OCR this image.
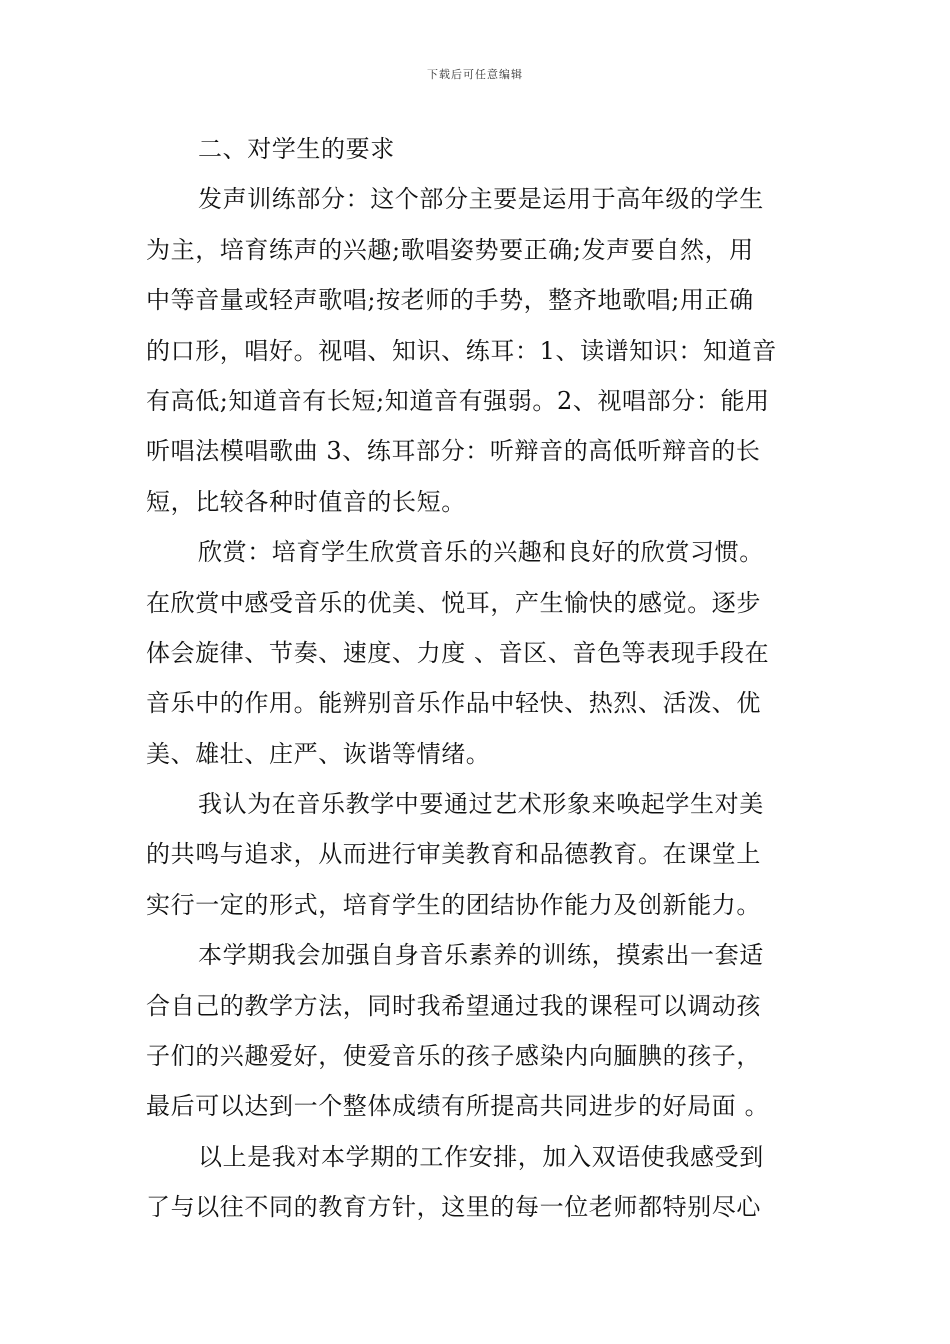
下载后可任意编辑
二、对学生的要求
发声训练部分：这个部分主要是运用于高年级的学生
为主，培育练声的兴趣;歌唱姿势要正确;发声要自然，用
中等音量或轻声歌唱;按老师的手势，整齐地歌唱;用正确
的口形，唱好。视唱、知识、练耳：1、读谱知识：知道音
有高低;知道音有长短;知道音有强弱。2、视唱部分：能用
听唱法模唱歌曲 3、练耳部分：听辩音的高低听辩音的长
短，比较各种时值音的长短。
欣赏：培育学生欣赏音乐的兴趣和良好的欣赏习惯。
在欣赏中感受音乐的优美、悦耳，产生愉快的感觉。逐步
体会旋律、节奏、速度、力度 、音区、音色等表现手段在
音乐中的作用。能辨别音乐作品中轻快、热烈、活泼、优
美、雄壮、庄严、诙谐等情绪。
我认为在音乐教学中要通过艺术形象来唤起学生对美
的共鸣与追求，从而进行审美教育和品德教育。在课堂上
实行一定的形式，培育学生的团结协作能力及创新能力。
本学期我会加强自身音乐素养的训练，摸索出一套适
合自己的教学方法，同时我希望通过我的课程可以调动孩
子们的兴趣爱好，使爱音乐的孩子感染内向腼腆的孩子，
最后可以达到一个整体成绩有所提高共同进步的好局面 。
以上是我对本学期的工作安排，加入双语使我感受到
了与以往不同的教育方针，这里的每一位老师都特别尽心
